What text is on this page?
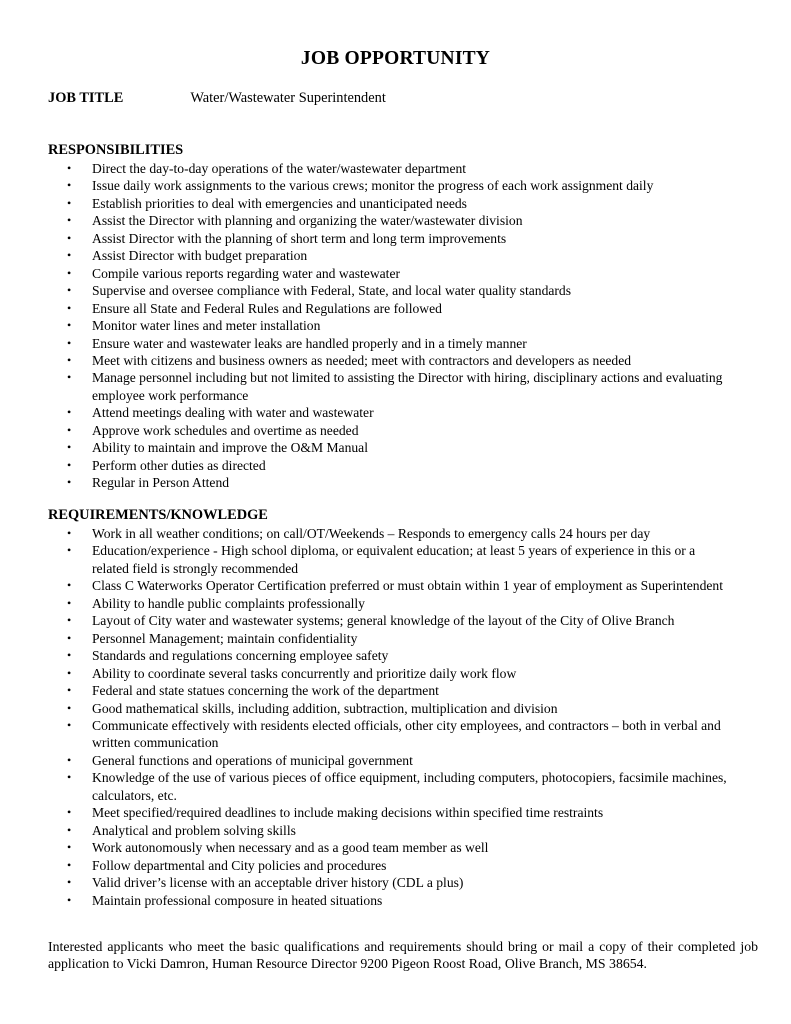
JOB OPPORTUNITY
JOB TITLE	Water/Wastewater Superintendent
RESPONSIBILITIES
• Direct the day-to-day operations of the water/wastewater department
• Issue daily work assignments to the various crews; monitor the progress of each work assignment daily
• Establish priorities to deal with emergencies and unanticipated needs
• Assist the Director with planning and organizing the water/wastewater division
• Assist Director with the planning of short term and long term improvements
• Assist Director with budget preparation
• Compile various reports regarding water and wastewater
• Supervise and oversee compliance with Federal, State, and local water quality standards
• Ensure all State and Federal Rules and Regulations are followed
• Monitor water lines and meter installation
• Ensure water and wastewater leaks are handled properly and in a timely manner
• Meet with citizens and business owners as needed; meet with contractors and developers as needed
• Manage personnel including but not limited to assisting the Director with hiring, disciplinary actions and evaluating employee work performance
• Attend meetings dealing with water and wastewater
• Approve work schedules and overtime as needed
• Ability to maintain and improve the O&M Manual
• Perform other duties as directed
• Regular in Person Attend
REQUIREMENTS/KNOWLEDGE
• Work in all weather conditions; on call/OT/Weekends – Responds to emergency calls 24 hours per day
• Education/experience - High school diploma, or equivalent education; at least 5 years of experience in this or a related field is strongly recommended
• Class C Waterworks Operator Certification preferred or must obtain within 1 year of employment as Superintendent
• Ability to handle public complaints professionally
• Layout of City water and wastewater systems; general knowledge of the layout of the City of Olive Branch
• Personnel Management; maintain confidentiality
• Standards and regulations concerning employee safety
• Ability to coordinate several tasks concurrently and prioritize daily work flow
• Federal and state statues concerning the work of the department
• Good mathematical skills, including addition, subtraction, multiplication and division
• Communicate effectively with residents elected officials, other city employees, and contractors – both in verbal and written communication
• General functions and operations of municipal government
• Knowledge of the use of various pieces of office equipment, including computers, photocopiers, facsimile machines, calculators, etc.
• Meet specified/required deadlines to include making decisions within specified time restraints
• Analytical and problem solving skills
• Work autonomously when necessary and as a good team member as well
• Follow departmental and City policies and procedures
• Valid driver’s license with an acceptable driver history (CDL a plus)
• Maintain professional composure in heated situations

Interested applicants who meet the basic qualifications and requirements should bring or mail a copy of their completed job application to Vicki Damron, Human Resource Director 9200 Pigeon Roost Road, Olive Branch, MS 38654.
